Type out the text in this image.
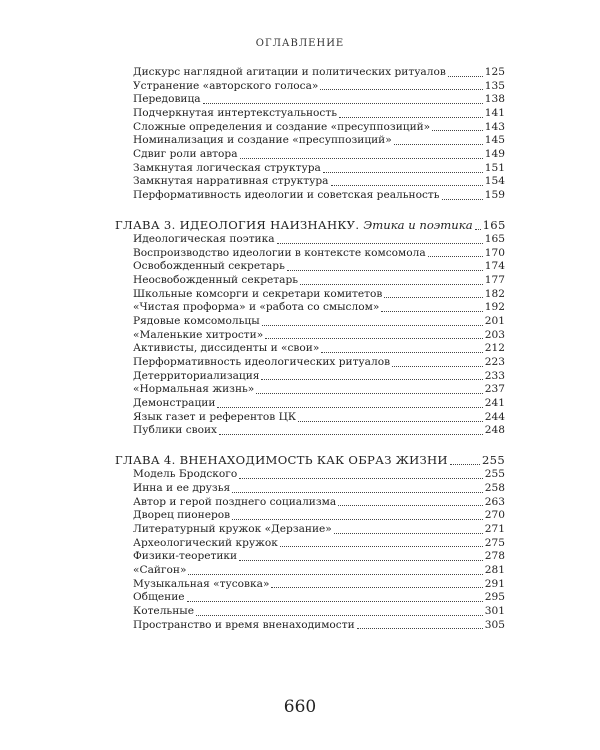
ОГЛАВЛЕНИЕ
Дискурс наглядной агитации и политических ритуалов	125
Устранение «авторского голоса»	135
Передовица	138
Подчеркнутая интертекстуальность	141
Сложные определения и создание «пресуппозиций»	143
Номинализация и создание «пресуппозиций»	145
Сдвиг роли автора	149
Замкнутая логическая структура	151
Замкнутая нарративная структура	154
Перформативность идеологии и советская реальность	159
ГЛАВА 3. ИДЕОЛОГИЯ НАИЗНАНКУ. Этика и поэтика 165
Идеологическая поэтика	165
Воспроизводство идеологии в контексте комсомола	170
Освобожденный секретарь	174
Неосвобожденный секретарь	177
Школьные комсорги и секретари комитетов	182
«Чистая проформа» и «работа со смыслом»	192
Рядовые комсомольцы	201
«Маленькие хитрости»	203
Активисты, диссиденты и «свои»	212
Перформативность идеологических ритуалов	223
Детерриториализация	233
«Нормальная жизнь»	237
Демонстрации	241
Язык газет и референтов ЦК	244
Публики своих	248
ГЛАВА 4. ВНЕНАХОДИМОСТЬ КАК ОБРАЗ ЖИЗНИ	255
Модель Бродского	255
Инна и ее друзья	258
Автор и герой позднего социализма	263
Дворец пионеров	270
Литературный кружок «Дерзание»	271
Археологический кружок	275
Физики-теоретики	278
«Сайгон»	281
Музыкальная «тусовка»	291
Общение	295
Котельные	301
Пространство и время вненаходимости	305
660
